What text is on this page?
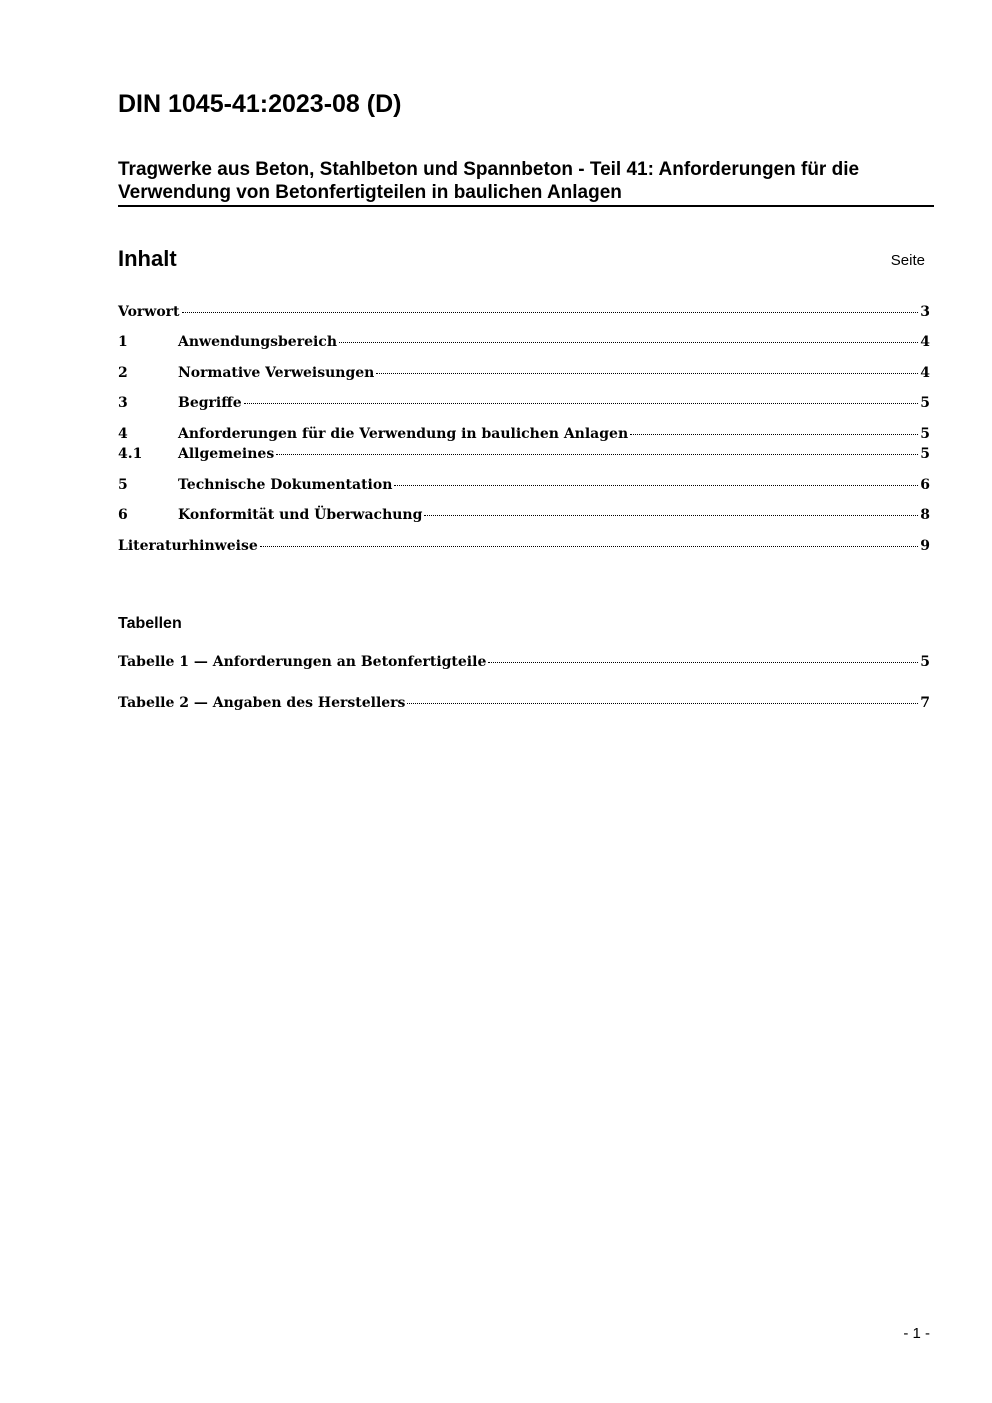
DIN 1045-41:2023-08 (D)
Tragwerke aus Beton, Stahlbeton und Spannbeton - Teil 41: Anforderungen für die Verwendung von Betonfertigteilen in baulichen Anlagen
Inhalt	Seite
Vorwort	3
1	Anwendungsbereich	4
2	Normative Verweisungen	4
3	Begriffe	5
4	Anforderungen für die Verwendung in baulichen Anlagen	5
4.1	Allgemeines	5
5	Technische Dokumentation	6
6	Konformität und Überwachung	8
Literaturhinweise	9
Tabellen
Tabelle 1 — Anforderungen an Betonfertigteile	5
Tabelle 2 — Angaben des Herstellers	7
- 1 -
